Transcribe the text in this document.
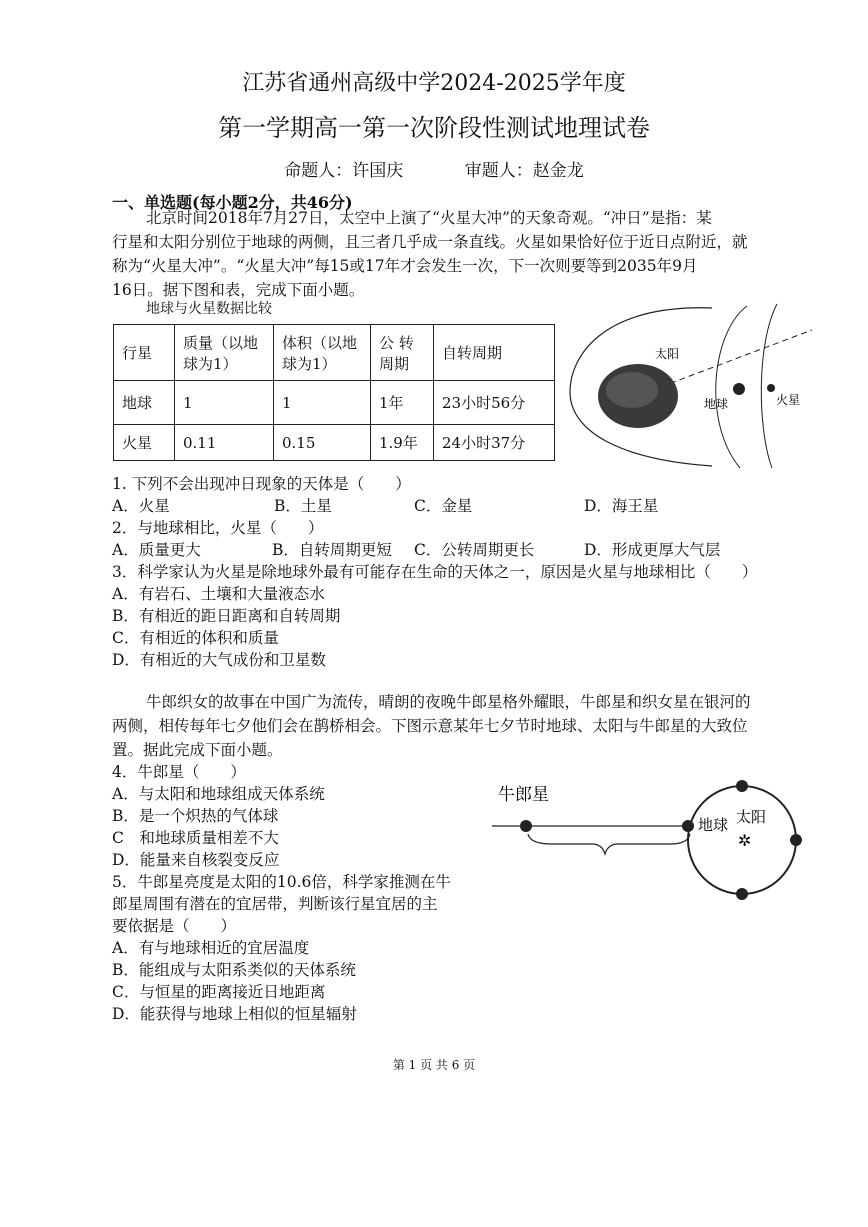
江苏省通州高级中学2024-2025学年度
第一学期高一第一次阶段性测试地理试卷
命题人：许国庆	审题人：赵金龙
一、单选题(每小题2分，共46分)
北京时间2018年7月27日，太空中上演了“火星大冲”的天象奇观。“冲日”是指：某
行星和太阳分别位于地球的两侧，且三者几乎成一条直线。火星如果恰好位于近日点附近，就
称为“火星大冲”。“火星大冲”每15或17年才会发生一次，下一次则要等到2035年9月
16日。据下图和表，完成下面小题。
地球与火星数据比较
行星	质量（以地球为1）	体积（以地球为1）	公 转周期	自转周期
地球	1	1	1年	23小时56分
火星	0.11	0.15	1.9年	24小时37分
太阳
地球	火星
1. 下列不会出现冲日现象的天体是（　　）
A．火星	B．土星	C．金星	D．海王星
2．与地球相比，火星（　　）
A．质量更大	B．自转周期更短 C．公转周期更长	D．形成更厚大气层
3．科学家认为火星是除地球外最有可能存在生命的天体之一，原因是火星与地球相比（　　）
A．有岩石、土壤和大量液态水
B．有相近的距日距离和自转周期
C．有相近的体积和质量
D．有相近的大气成份和卫星数
牛郎织女的故事在中国广为流传，晴朗的夜晚牛郎星格外耀眼，牛郎星和织女星在银河的
两侧，相传每年七夕他们会在鹊桥相会。下图示意某年七夕节时地球、太阳与牛郎星的大致位
置。据此完成下面小题。
4．牛郎星（　　）
A．与太阳和地球组成天体系统
B．是一个炽热的气体球
C　和地球质量相差不大
D．能量来自核裂变反应
5．牛郎星亮度是太阳的10.6倍，科学家推测在牛
郎星周围有潜在的宜居带，判断该行星宜居的主
要依据是（　　）
A．有与地球相近的宜居温度
B．能组成与太阳系类似的天体系统
C．与恒星的距离接近日地距离
D．能获得与地球上相似的恒星辐射
牛郎星
地球 太阳
✲
第 1 页 共 6 页
